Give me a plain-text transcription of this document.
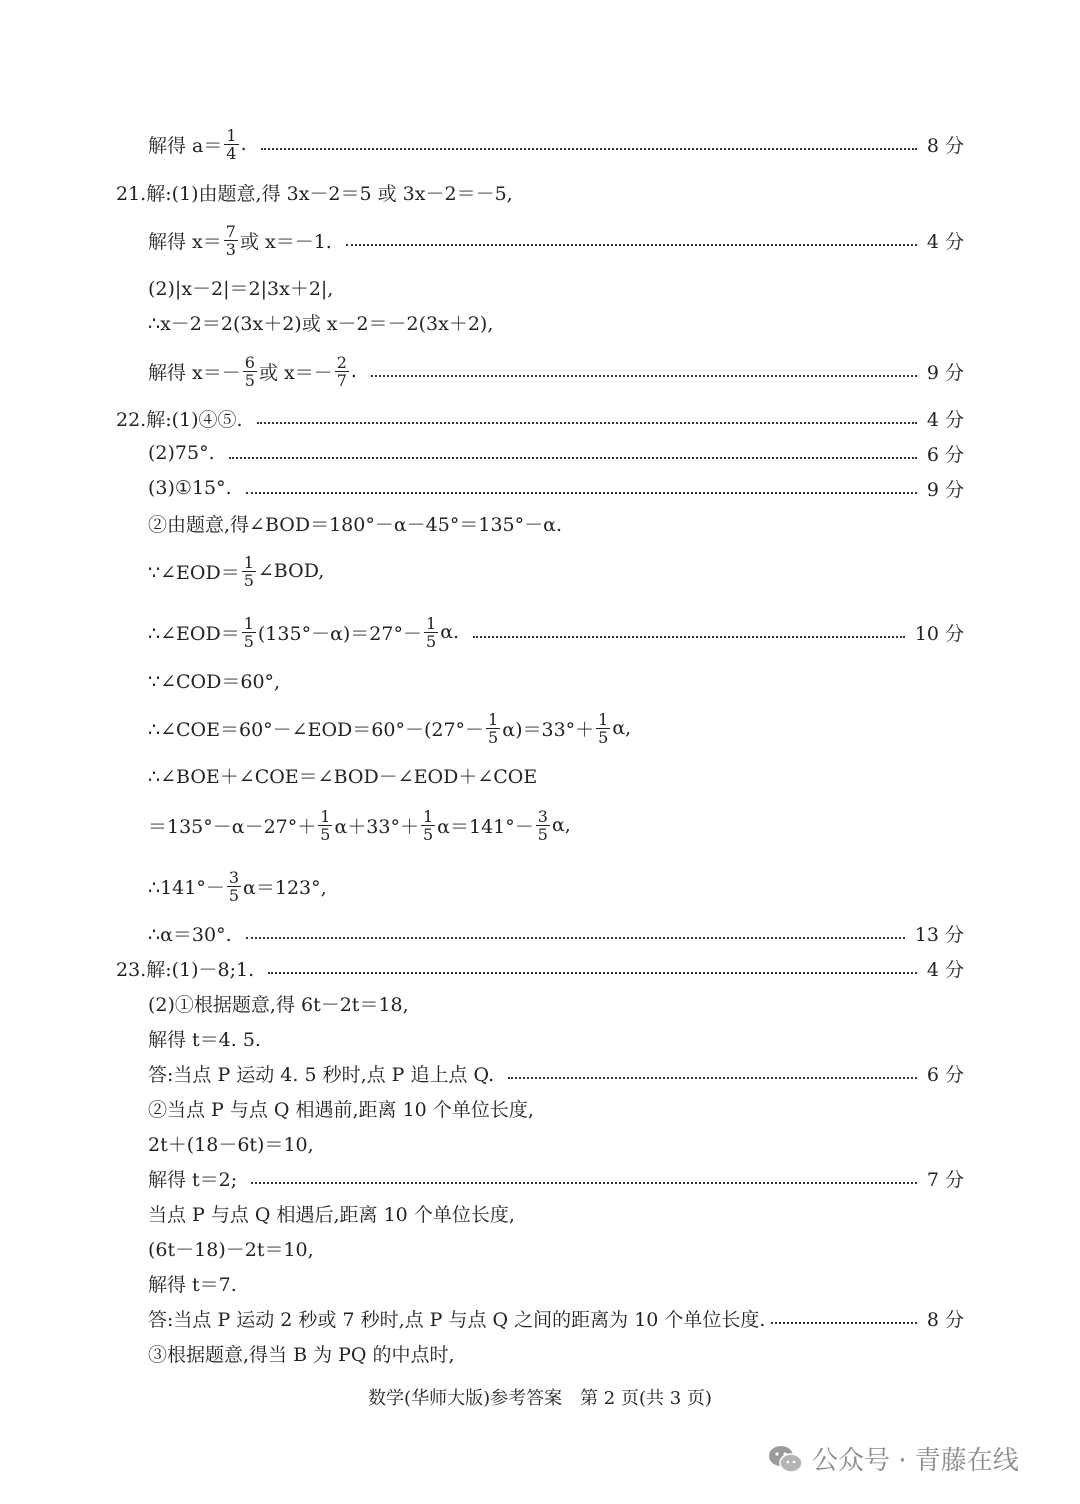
解得 $a= \frac{1}{4}$ .	8 分
21.解:(1)由题意,得 3x－2＝5 或 3x－2＝－5,
解得 $x= \frac{7}{3}$ 或 x＝－1.	4 分
(2)|x－2|＝2|3x＋2|,
∴x－2＝2(3x＋2)或 x－2＝－2(3x＋2),
解得 $x=- \frac{6}{5}$ 或 $x=- \frac{2}{7}$ .	9 分
22.解:(1)④⑤.	4 分
(2)75°.	6 分
(3)①15°.	9 分
②由题意,得∠BOD＝180°－α－45°＝135°－α.
∵∠EOD＝ $\frac{1}{5}$ ∠BOD,
∴∠EOD＝ $\frac{1}{5} (135^\circ-\alpha)=27^\circ- \frac{1}{5} \alpha$.	10 分
∵∠COD＝60°,
∴∠COE＝60°－∠EOD＝60°－(27°－ $\frac{1}{5} \alpha)=33^\circ+ \frac{1}{5} \alpha$,
∴∠BOE＋∠COE＝∠BOD－∠EOD＋∠COE
$=135^\circ-\alpha-27^\circ+ \frac{1}{5} \alpha+33^\circ+ \frac{1}{5} \alpha=141^\circ- \frac{3}{5} \alpha$,
∴141°－ $\frac{3}{5} \alpha=123^\circ$,
∴α＝30°.	13 分
23.解:(1)－8;1.	4 分
(2)①根据题意,得 6t－2t＝18,
解得 t＝4. 5.
答:当点 P 运动 4. 5 秒时,点 P 追上点 Q.	6 分
②当点 P 与点 Q 相遇前,距离 10 个单位长度,
2t＋(18－6t)＝10,
解得 t＝2;	7 分
当点 P 与点 Q 相遇后,距离 10 个单位长度,
(6t－18)－2t＝10,
解得 t＝7.
答:当点 P 运动 2 秒或 7 秒时,点 P 与点 Q 之间的距离为 10 个单位长度.	8 分
③根据题意,得当 B 为 PQ 的中点时,
数学(华师大版)参考答案　第 2 页(共 3 页)
公众号 · 青藤在线
